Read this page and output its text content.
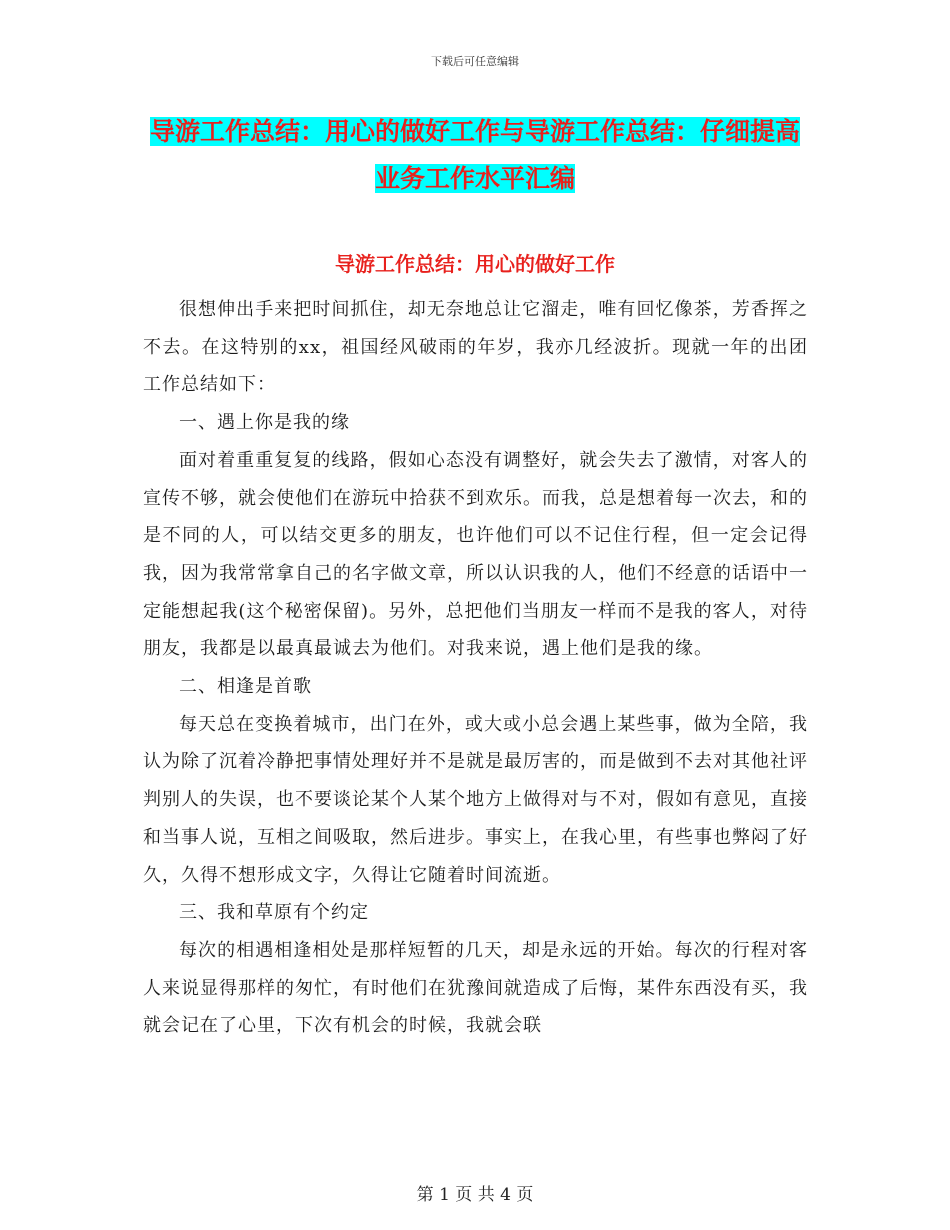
下载后可任意编辑
导游工作总结：用心的做好工作与导游工作总结：仔细提高业务工作水平汇编
导游工作总结：用心的做好工作

很想伸出手来把时间抓住，却无奈地总让它溜走，唯有回忆像茶，芳香挥之不去。在这特别的xx，祖国经风破雨的年岁，我亦几经波折。现就一年的出团工作总结如下：

一、遇上你是我的缘

面对着重重复复的线路，假如心态没有调整好，就会失去了激情，对客人的宣传不够，就会使他们在游玩中拾获不到欢乐。而我，总是想着每一次去，和的是不同的人，可以结交更多的朋友，也许他们可以不记住行程，但一定会记得我，因为我常常拿自己的名字做文章，所以认识我的人，他们不经意的话语中一定能想起我(这个秘密保留)。另外，总把他们当朋友一样而不是我的客人，对待朋友，我都是以最真最诚去为他们。对我来说，遇上他们是我的缘。

二、相逢是首歌

每天总在变换着城市，出门在外，或大或小总会遇上某些事，做为全陪，我认为除了沉着冷静把事情处理好并不是就是最厉害的，而是做到不去对其他社评判别人的失误，也不要谈论某个人某个地方上做得对与不对，假如有意见，直接和当事人说，互相之间吸取，然后进步。事实上，在我心里，有些事也弊闷了好久，久得不想形成文字，久得让它随着时间流逝。

三、我和草原有个约定

每次的相遇相逢相处是那样短暂的几天，却是永远的开始。每次的行程对客人来说显得那样的匆忙，有时他们在犹豫间就造成了后悔，某件东西没有买，我就会记在了心里，下次有机会的时候，我就会联

第 1 页 共 4 页
